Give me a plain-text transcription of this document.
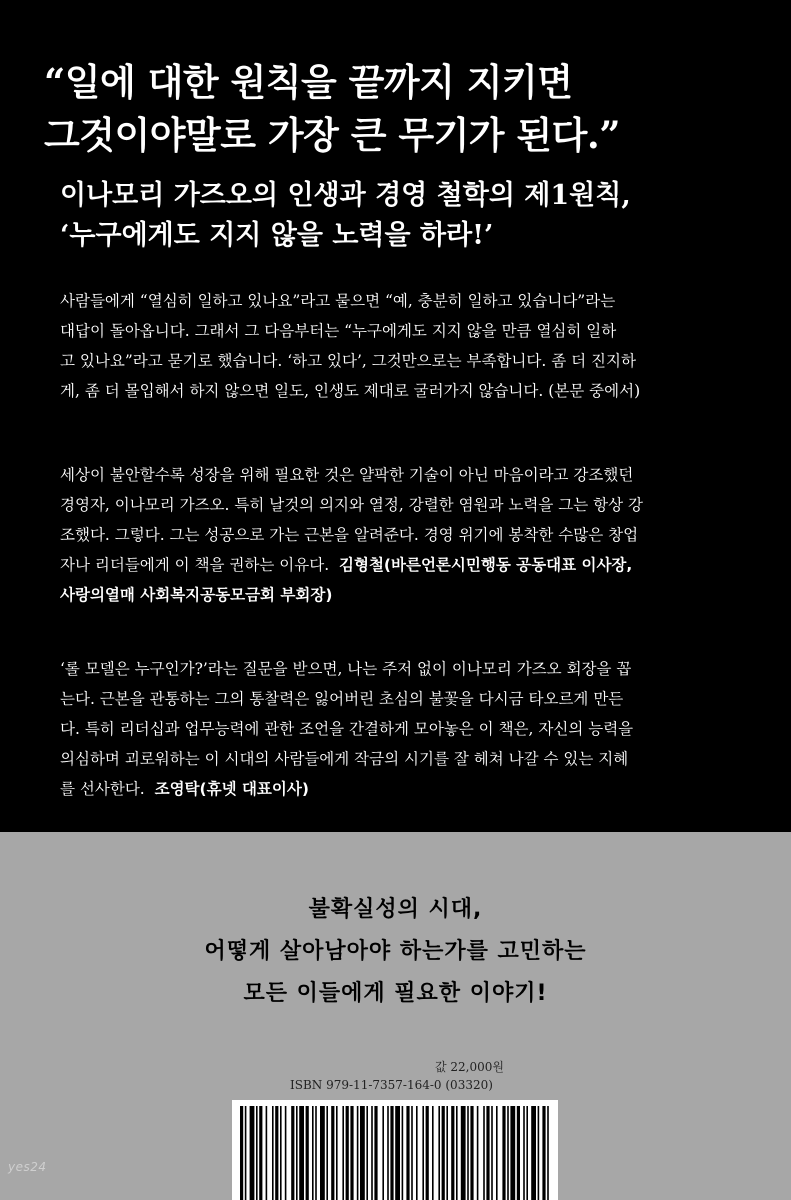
“일에 대한 원칙을 끝까지 지키면
그것이야말로 가장 큰 무기가 된다.”
이나모리 가즈오의 인생과 경영 철학의 제1원칙,
‘누구에게도 지지 않을 노력을 하라!’

사람들에게 “열심히 일하고 있나요”라고 물으면 “예, 충분히 일하고 있습니다”라는
대답이 돌아옵니다. 그래서 그 다음부터는 “누구에게도 지지 않을 만큼 열심히 일하
고 있나요”라고 묻기로 했습니다. ‘하고 있다’, 그것만으로는 부족합니다. 좀 더 진지하
게, 좀 더 몰입해서 하지 않으면 일도, 인생도 제대로 굴러가지 않습니다. (본문 중에서)

세상이 불안할수록 성장을 위해 필요한 것은 얄팍한 기술이 아닌 마음이라고 강조했던
경영자, 이나모리 가즈오. 특히 날것의 의지와 열정, 강렬한 염원과 노력을 그는 항상 강
조했다. 그렇다. 그는 성공으로 가는 근본을 알려준다. 경영 위기에 봉착한 수많은 창업
자나 리더들에게 이 책을 권하는 이유다. 김형철(바른언론시민행동 공동대표 이사장,
사랑의열매 사회복지공동모금회 부회장)

‘롤 모델은 누구인가?’라는 질문을 받으면, 나는 주저 없이 이나모리 가즈오 회장을 꼽
는다. 근본을 관통하는 그의 통찰력은 잃어버린 초심의 불꽃을 다시금 타오르게 만든
다. 특히 리더십과 업무능력에 관한 조언을 간결하게 모아놓은 이 책은, 자신의 능력을
의심하며 괴로워하는 이 시대의 사람들에게 작금의 시기를 잘 헤쳐 나갈 수 있는 지혜
를 선사한다. 조영탁(휴넷 대표이사)

불확실성의 시대,
어떻게 살아남아야 하는가를 고민하는
모든 이들에게 필요한 이야기!

값 22,000원
ISBN 979-11-7357-164-0 (03320)
yes24
